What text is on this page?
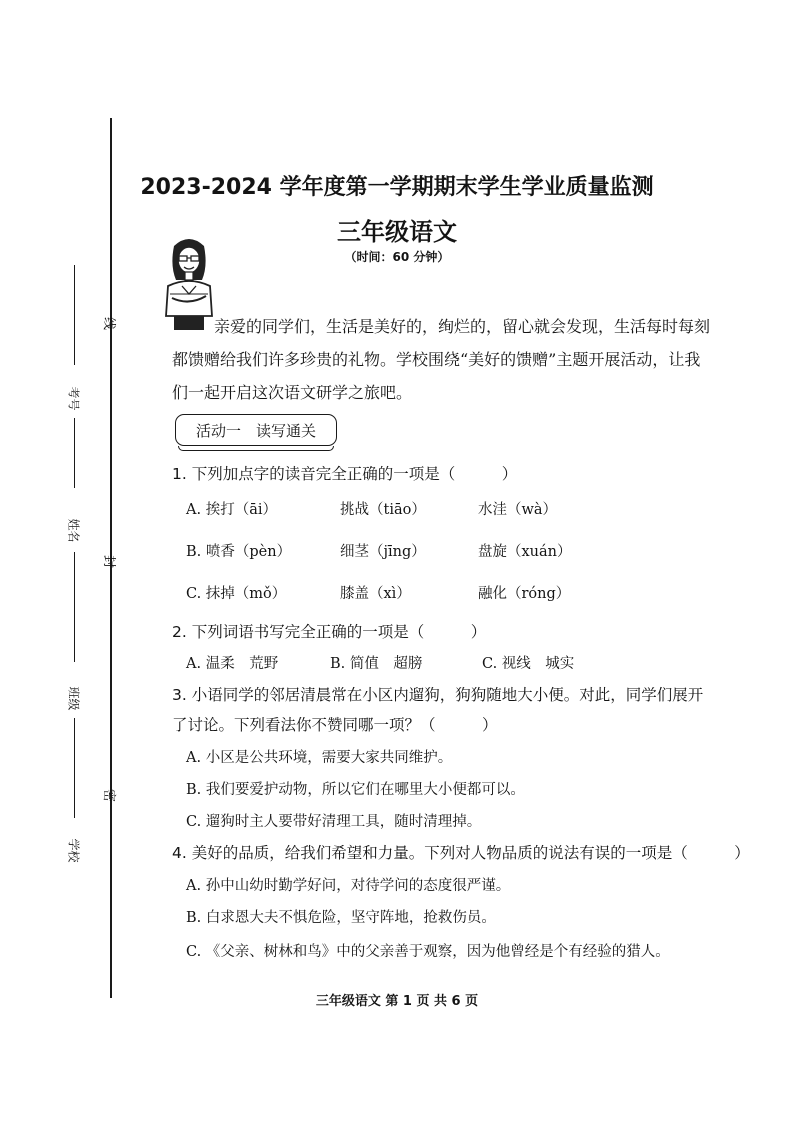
线
封
密
考号
姓名
班级
学校
2023-2024 学年度第一学期期末学生学业质量监测
三年级语文
（时间：60 分钟）
亲爱的同学们，生活是美好的，绚烂的，留心就会发现，生活每时每刻
都馈赠给我们许多珍贵的礼物。学校围绕“美好的馈赠”主题开展活动，让我
们一起开启这次语文研学之旅吧。
活动一　读写通关
1. 下列加点字的读音完全正确的一项是（　　　）
A. 挨打（āi）	挑战（tiāo）	水洼（wà）
B. 喷香（pèn）	细茎（jīng）	盘旋（xuán）
C. 抹掉（mǒ）	膝盖（xì）	融化（róng）
2. 下列词语书写完全正确的一项是（　　　）
A. 温柔　荒野	B. 简值　超膀	C. 视线　城实
3. 小语同学的邻居清晨常在小区内遛狗，狗狗随地大小便。对此，同学们展开
了讨论。下列看法你不赞同哪一项？（　　　）
A. 小区是公共环境，需要大家共同维护。
B. 我们要爱护动物，所以它们在哪里大小便都可以。
C. 遛狗时主人要带好清理工具，随时清理掉。
4. 美好的品质，给我们希望和力量。下列对人物品质的说法有误的一项是（　　　）
A. 孙中山幼时勤学好问，对待学问的态度很严谨。
B. 白求恩大夫不惧危险，坚守阵地，抢救伤员。
C. 《父亲、树林和鸟》中的父亲善于观察，因为他曾经是个有经验的猎人。
三年级语文 第 1 页 共 6 页
